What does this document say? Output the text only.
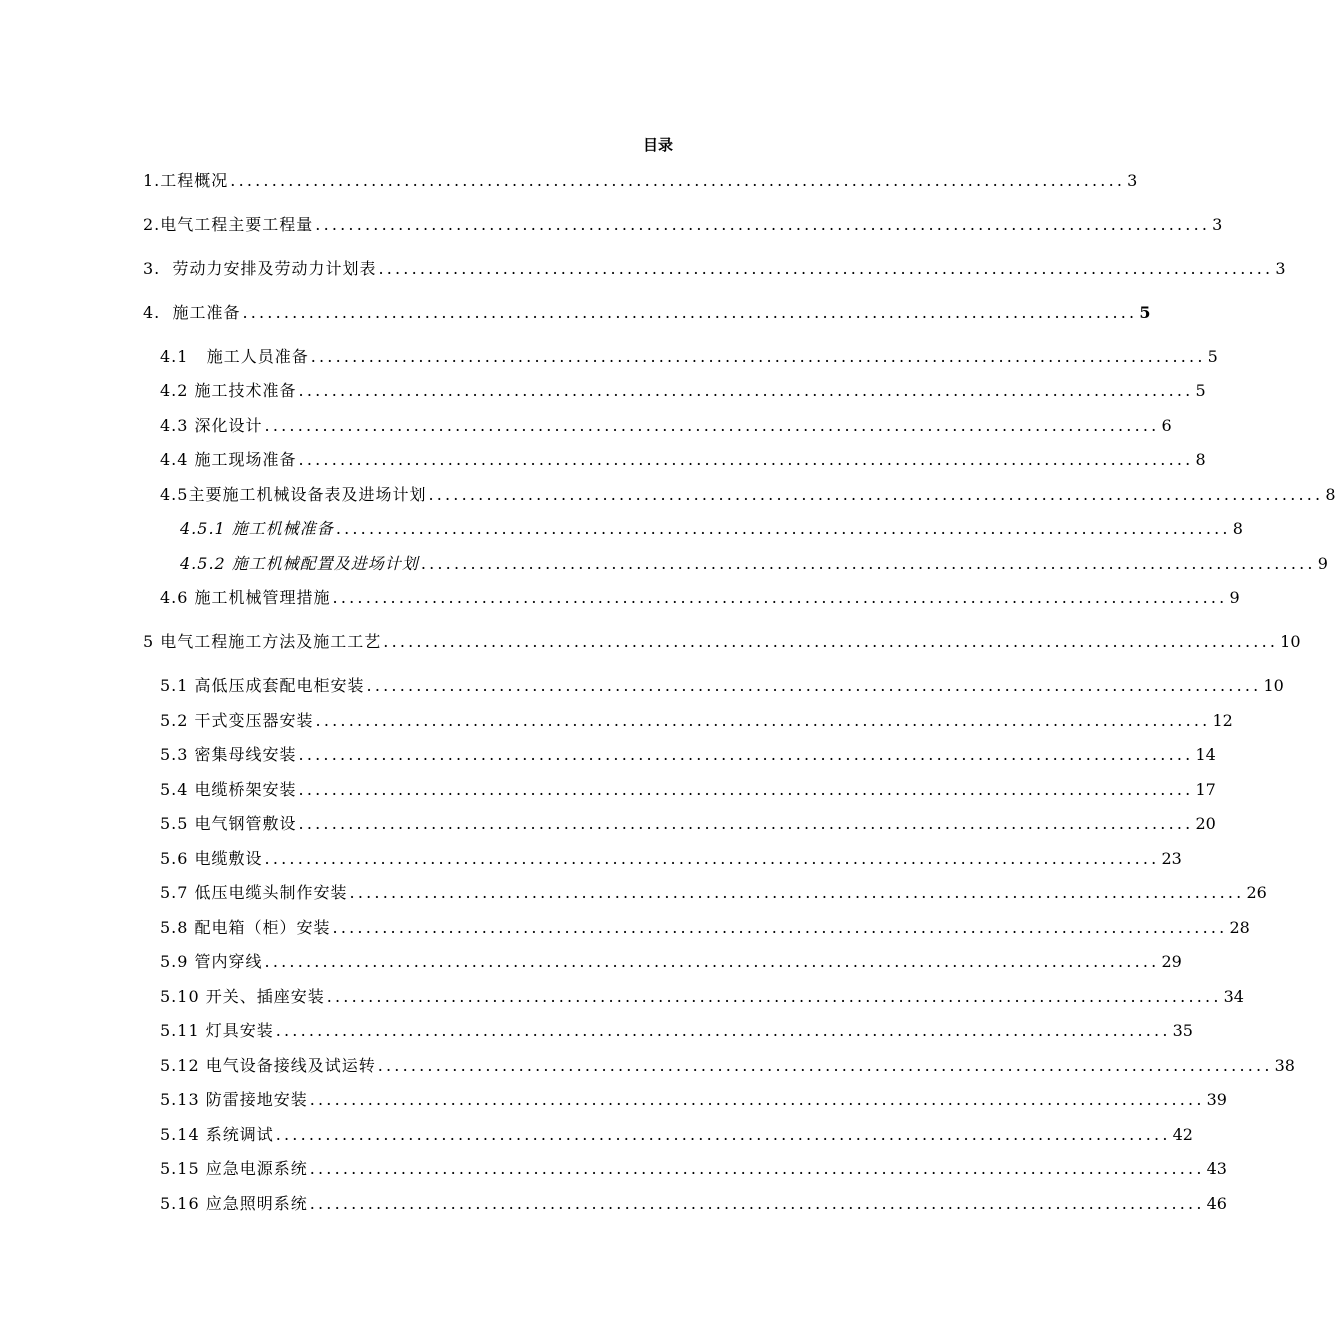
目录
1.工程概况 ............................................................................................................ 3
2.电气工程主要工程量 ............................................................................................................ 3
3.  劳动力安排及劳动力计划表 ............................................................................................................ 3
4.  施工准备 ............................................................................................................ 5
4.1   施工人员准备 ............................................................................................................ 5
4.2 施工技术准备 ............................................................................................................ 5
4.3 深化设计 ............................................................................................................ 6
4.4 施工现场准备 ............................................................................................................ 8
4.5主要施工机械设备表及进场计划 ............................................................................................................ 8
4.5.1 施工机械准备 ............................................................................................................ 8
4.5.2 施工机械配置及进场计划 ............................................................................................................ 9
4.6 施工机械管理措施 ............................................................................................................ 9
5 电气工程施工方法及施工工艺 ............................................................................................................ 10
5.1 高低压成套配电柜安装 ............................................................................................................ 10
5.2 干式变压器安装 ............................................................................................................ 12
5.3 密集母线安装 ............................................................................................................ 14
5.4 电缆桥架安装 ............................................................................................................ 17
5.5 电气钢管敷设 ............................................................................................................ 20
5.6 电缆敷设 ............................................................................................................ 23
5.7 低压电缆头制作安装 ............................................................................................................ 26
5.8 配电箱（柜）安装 ............................................................................................................ 28
5.9 管内穿线 ............................................................................................................ 29
5.10 开关、插座安装 ............................................................................................................ 34
5.11 灯具安装 ............................................................................................................ 35
5.12 电气设备接线及试运转 ............................................................................................................ 38
5.13 防雷接地安装 ............................................................................................................ 39
5.14 系统调试 ............................................................................................................ 42
5.15 应急电源系统 ............................................................................................................ 43
5.16 应急照明系统 ............................................................................................................ 46
